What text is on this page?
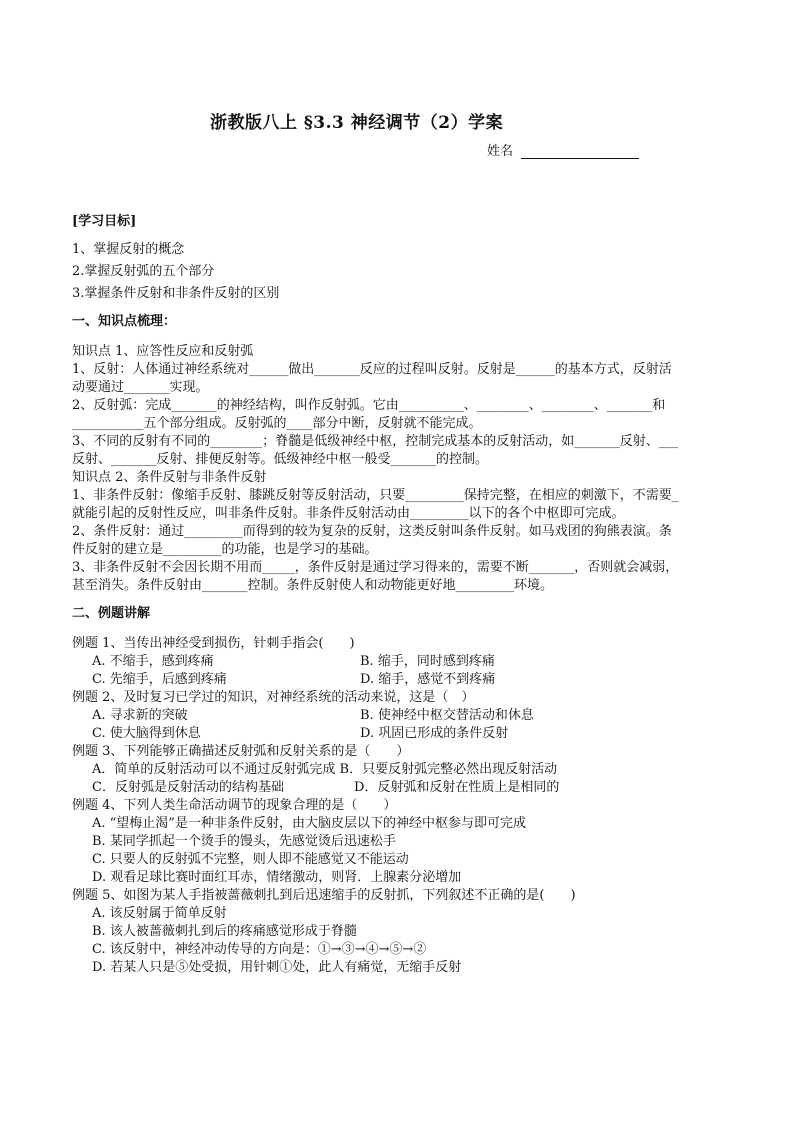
浙教版八上 §3.3 神经调节（2）学案
姓名
[学习目标]
1、掌握反射的概念
2.掌握反射弧的五个部分
3.掌握条件反射和非条件反射的区别
一、知识点梳理：
知识点 1、应答性反应和反射弧
1、反射：人体通过神经系统对______做出_______反应的过程叫反射。反射是______的基本方式，反射活
动要通过_______实现。
2、反射弧：完成_______的神经结构，叫作反射弧。它由__________、________、________、_______和
___________五个部分组成。反射弧的____部分中断，反射就不能完成。
3、不同的反射有不同的________；脊髓是低级神经中枢，控制完成基本的反射活动，如_______反射、___
反射、_______反射、排便反射等。低级神经中枢一般受_______的控制。
知识点 2、条件反射与非条件反射
1、非条件反射：像缩手反射、膝跳反射等反射活动，只要_________保持完整，在相应的刺激下，不需要_
就能引起的反射性反应，叫非条件反射。非条件反射活动由_________以下的各个中枢即可完成。
2、条件反射：通过_________而得到的较为复杂的反射，这类反射叫条件反射。如马戏团的狗熊表演。条
件反射的建立是_________的功能，也是学习的基础。
3、非条件反射不会因长期不用而_____，条件反射是通过学习得来的，需要不断_______，否则就会减弱，
甚至消失。条件反射由_______控制。条件反射使人和动物能更好地_________环境。
二、例题讲解
例题 1、当传出神经受到损伤，针刺手指会(　　)
A. 不缩手，感到疼痛	B. 缩手，同时感到疼痛
C. 先缩手，后感到疼痛	D. 缩手，感觉不到疼痛
例题 2、及时复习已学过的知识，对神经系统的活动来说，这是（　）
A. 寻求新的突破	B. 使神经中枢交替活动和休息
C. 使大脑得到休息	D. 巩固已形成的条件反射
例题 3、下列能够正确描述反射弧和反射关系的是（　　）
A．简单的反射活动可以不通过反射弧完成 B．只要反射弧完整必然出现反射活动
C．反射弧是反射活动的结构基础	D．反射弧和反射在性质上是相同的
例题 4、下列人类生命活动调节的现象合理的是（　　）
A. “望梅止渴”是一种非条件反射，由大脑皮层以下的神经中枢参与即可完成
B. 某同学抓起一个烫手的馒头，先感觉烫后迅速松手
C. 只要人的反射弧不完整，则人即不能感觉又不能运动
D. 观看足球比赛时面红耳赤，情绪激动，则肾．上腺素分泌增加
例题 5、如图为某人手指被蔷薇刺扎到后迅速缩手的反射抓，下列叙述不正确的是(　　)
A. 该反射属于简单反射
B. 该人被蔷薇刺扎到后的疼痛感觉形成于脊髓
C. 该反射中，神经冲动传导的方向是：①→③→④→⑤→②
D. 若某人只是⑤处受损，用针刺①处，此人有痛觉，无缩手反射
